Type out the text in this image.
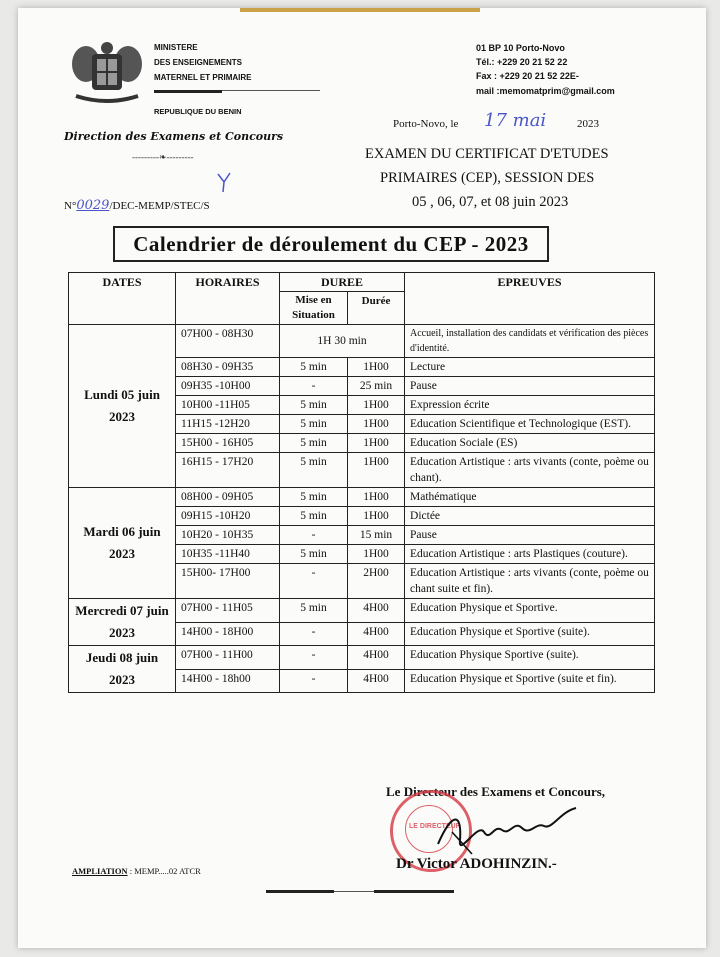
MINISTERE
DES ENSEIGNEMENTS
MATERNEL ET PRIMAIRE
REPUBLIQUE DU BENIN
Direction des Examens et Concours
---------❧---------
01 BP 10 Porto-Novo
Tél.: +229 20 21 52 22
Fax : +229 20 21 52 22E-
mail :memomatprim@gmail.com
Porto-Novo, le 17 mai	2023
EXAMEN DU CERTIFICAT D'ETUDES
PRIMAIRES (CEP), SESSION DES
05 , 06, 07, et 08 juin 2023
N°0029/DEC-MEMP/STEC/S
Calendrier de déroulement du CEP - 2023
DATES	HORAIRES	DUREE		EPREUVES
		Mise en Situation	Durée	
Lundi 05 juin 2023	07H00 - 08H30	1H 30 min		Accueil, installation des candidats et vérification des pièces d'identité.
	08H30 - 09H35	5 min	1H00	Lecture
	09H35 -10H00	-	25 min	Pause
	10H00 -11H05	5 min	1H00	Expression écrite
	11H15 -12H20	5 min	1H00	Education Scientifique et Technologique (EST).
	15H00 - 16H05	5 min	1H00	Education Sociale (ES)
	16H15 - 17H20	5 min	1H00	Education Artistique : arts vivants (conte, poème ou chant).
Mardi 06 juin 2023	08H00 - 09H05	5 min	1H00	Mathématique
	09H15 -10H20	5 min	1H00	Dictée
	10H20 - 10H35	-	15 min	Pause
	10H35 -11H40	5 min	1H00	Education Artistique : arts Plastiques (couture).
	15H00- 17H00	-	2H00	Education Artistique : arts vivants (conte, poème ou chant suite et fin).
Mercredi 07 juin 2023	07H00 - 11H05	5 min	4H00	Education Physique et Sportive.
	14H00 - 18H00	-	4H00	Education Physique et Sportive (suite).
Jeudi 08 juin 2023	07H00 - 11H00	-	4H00	Education Physique Sportive (suite).
	14H00 - 18h00	-	4H00	Education Physique et Sportive (suite et fin).
Le Directeur des Examens et Concours,
LE DIRECTEUR
Dr Victor ADOHINZIN.-
AMPLIATION : MEMP.....02 ATCR
